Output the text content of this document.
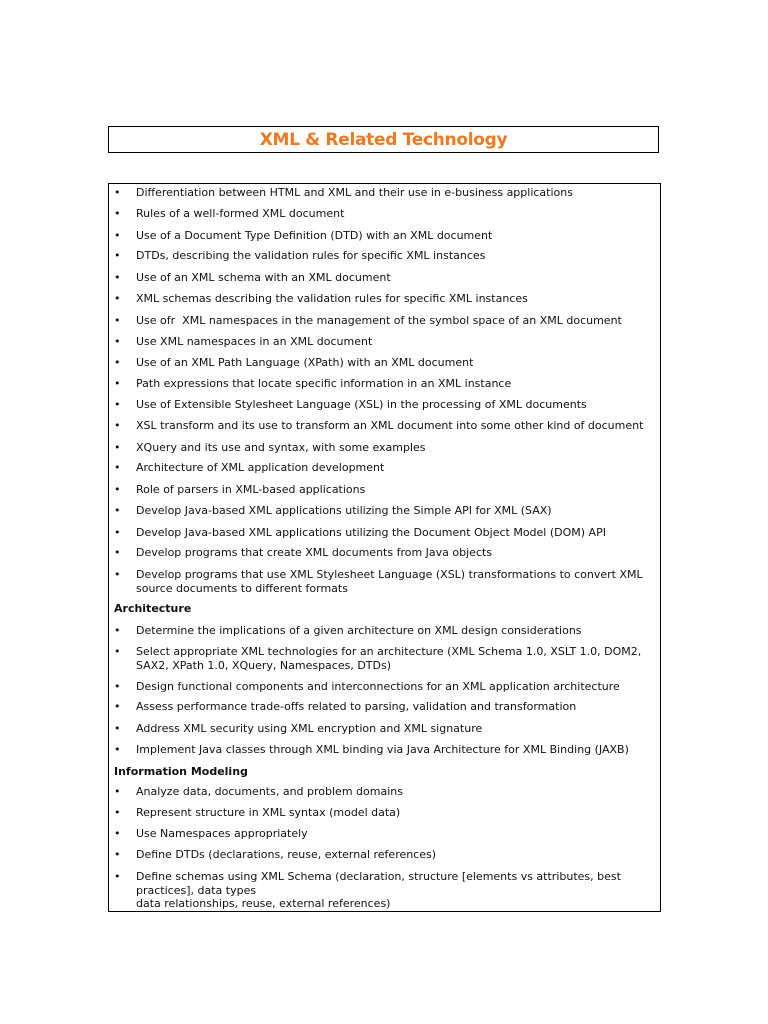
XML & Related Technology
• Differentiation between HTML and XML and their use in e-business applications
• Rules of a well-formed XML document
• Use of a Document Type Definition (DTD) with an XML document
• DTDs, describing the validation rules for specific XML instances
• Use of an XML schema with an XML document
• XML schemas describing the validation rules for specific XML instances
• Use ofr  XML namespaces in the management of the symbol space of an XML document
• Use XML namespaces in an XML document
• Use of an XML Path Language (XPath) with an XML document
• Path expressions that locate specific information in an XML instance
• Use of Extensible Stylesheet Language (XSL) in the processing of XML documents
• XSL transform and its use to transform an XML document into some other kind of document
• XQuery and its use and syntax, with some examples
• Architecture of XML application development
• Role of parsers in XML-based applications
• Develop Java-based XML applications utilizing the Simple API for XML (SAX)
• Develop Java-based XML applications utilizing the Document Object Model (DOM) API
• Develop programs that create XML documents from Java objects
• Develop programs that use XML Stylesheet Language (XSL) transformations to convert XML source documents to different formats
Architecture
• Determine the implications of a given architecture on XML design considerations
• Select appropriate XML technologies for an architecture (XML Schema 1.0, XSLT 1.0, DOM2, SAX2, XPath 1.0, XQuery, Namespaces, DTDs)
• Design functional components and interconnections for an XML application architecture
• Assess performance trade-offs related to parsing, validation and transformation
• Address XML security using XML encryption and XML signature
• Implement Java classes through XML binding via Java Architecture for XML Binding (JAXB)
Information Modeling
• Analyze data, documents, and problem domains
• Represent structure in XML syntax (model data)
• Use Namespaces appropriately
• Define DTDs (declarations, reuse, external references)
• Define schemas using XML Schema (declaration, structure [elements vs attributes, best practices], data types
data relationships, reuse, external references)
